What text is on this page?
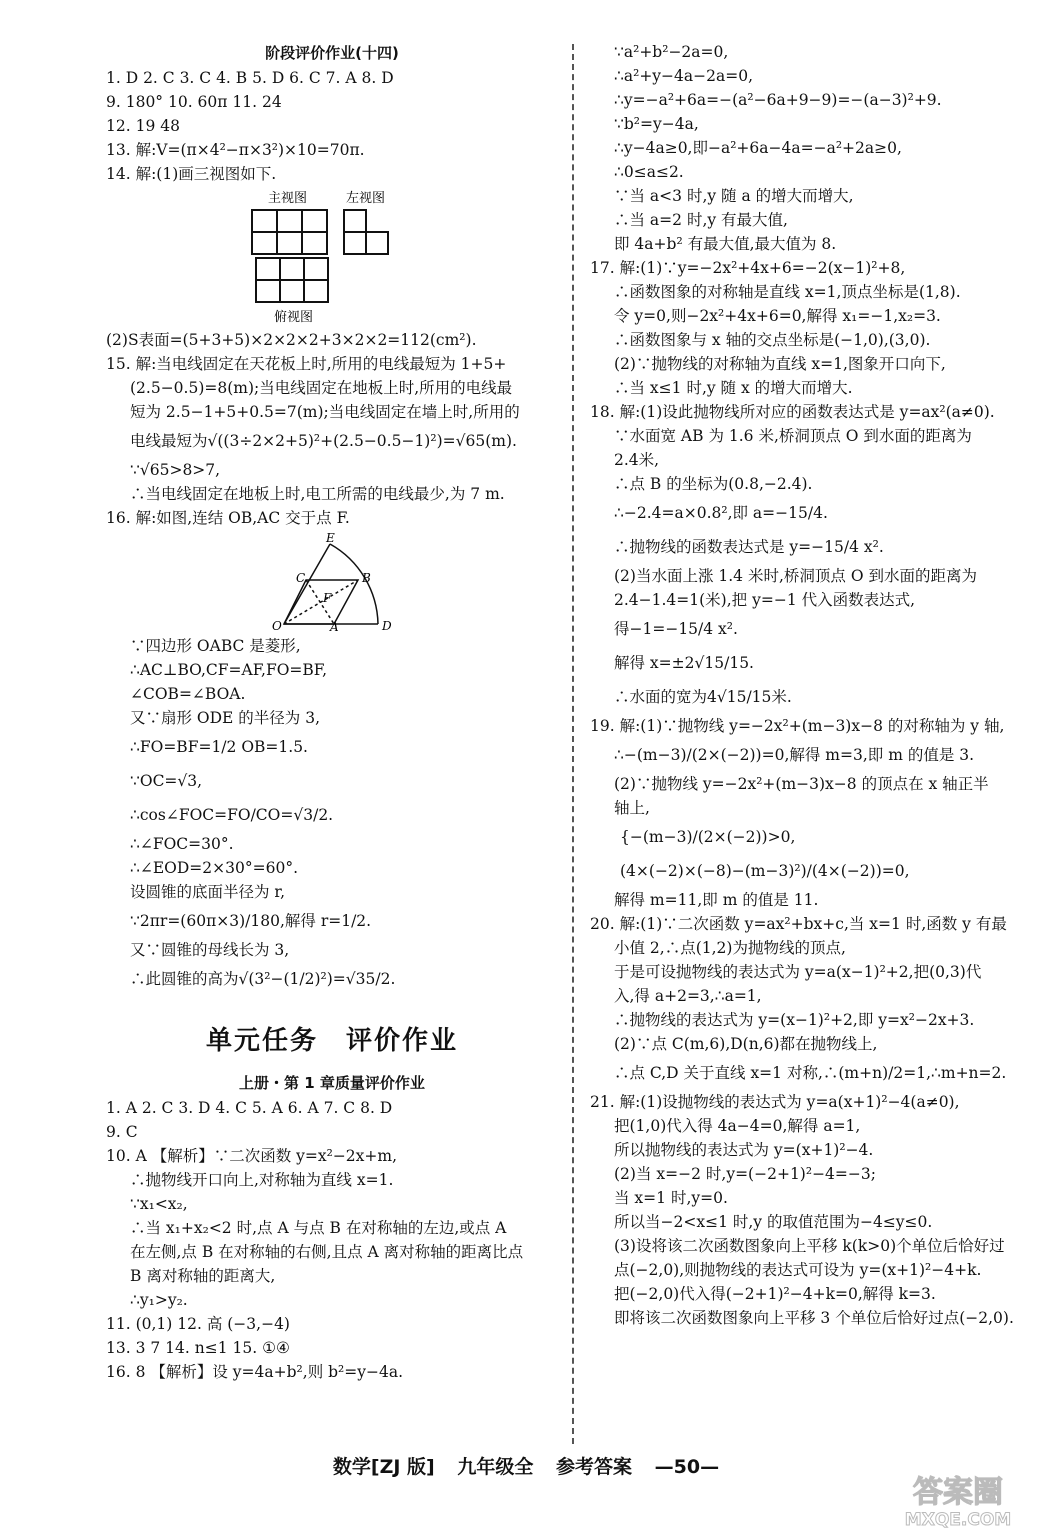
阶段评价作业(十四)
1. D 2. C 3. C 4. B 5. D 6. C 7. A 8. D
9. 180° 10. 60π 11. 24
12. 19 48
13. 解:V=(π×4²−π×3²)×10=70π.
14. 解:(1)画三视图如下.
主视图	左视图
俯视图
(2)S表面=(5+3+5)×2×2×2+3×2×2=112(cm²).
15. 解:当电线固定在天花板上时,所用的电线最短为 1+5+
(2.5−0.5)=8(m);当电线固定在地板上时,所用的电线最
短为 2.5−1+5+0.5=7(m);当电线固定在墙上时,所用的
电线最短为√((3÷2×2+5)²+(2.5−0.5−1)²)=√65(m).
∵√65>8>7,
∴当电线固定在地板上时,电工所需的电线最少,为 7 m.
16. 解:如图,连结 OB,AC 交于点 F.
E
C	B
F
O	A	D
∵四边形 OABC 是菱形,
∴AC⊥BO,CF=AF,FO=BF,
∠COB=∠BOA.
又∵扇形 ODE 的半径为 3,
∴FO=BF=1/2 OB=1.5.
∵OC=√3,
∴cos∠FOC=FO/CO=√3/2.
∴∠FOC=30°.
∴∠EOD=2×30°=60°.
设圆锥的底面半径为 r,
∵2πr=(60π×3)/180,解得 r=1/2.
又∵圆锥的母线长为 3,
∴此圆锥的高为√(3²−(1/2)²)=√35/2.
单元任务　评价作业
上册・第 1 章质量评价作业
1. A 2. C 3. D 4. C 5. A 6. A 7. C 8. D
9. C
10. A 【解析】∵二次函数 y=x²−2x+m,
∴抛物线开口向上,对称轴为直线 x=1.
∵x₁<x₂,
∴当 x₁+x₂<2 时,点 A 与点 B 在对称轴的左边,或点 A
在左侧,点 B 在对称轴的右侧,且点 A 离对称轴的距离比点
B 离对称轴的距离大,
∴y₁>y₂.
11. (0,1) 12. 高 (−3,−4)
13. 3 7 14. n≤1 15. ①④
16. 8 【解析】设 y=4a+b²,则 b²=y−4a.
∵a²+b²−2a=0,
∴a²+y−4a−2a=0,
∴y=−a²+6a=−(a²−6a+9−9)=−(a−3)²+9.
∵b²=y−4a,
∴y−4a≥0,即−a²+6a−4a=−a²+2a≥0,
∴0≤a≤2.
∵当 a<3 时,y 随 a 的增大而增大,
∴当 a=2 时,y 有最大值,
即 4a+b² 有最大值,最大值为 8.
17. 解:(1)∵y=−2x²+4x+6=−2(x−1)²+8,
∴函数图象的对称轴是直线 x=1,顶点坐标是(1,8).
令 y=0,则−2x²+4x+6=0,解得 x₁=−1,x₂=3.
∴函数图象与 x 轴的交点坐标是(−1,0),(3,0).
(2)∵抛物线的对称轴为直线 x=1,图象开口向下,
∴当 x≤1 时,y 随 x 的增大而增大.
18. 解:(1)设此抛物线所对应的函数表达式是 y=ax²(a≠0).
∵水面宽 AB 为 1.6 米,桥洞顶点 O 到水面的距离为
2.4米,
∴点 B 的坐标为(0.8,−2.4).
∴−2.4=a×0.8²,即 a=−15/4.
∴抛物线的函数表达式是 y=−15/4 x².
(2)当水面上涨 1.4 米时,桥洞顶点 O 到水面的距离为
2.4−1.4=1(米),把 y=−1 代入函数表达式,
得−1=−15/4 x².
解得 x=±2√15/15.
∴水面的宽为4√15/15米.
19. 解:(1)∵抛物线 y=−2x²+(m−3)x−8 的对称轴为 y 轴,
∴−(m−3)/(2×(−2))=0,解得 m=3,即 m 的值是 3.
(2)∵抛物线 y=−2x²+(m−3)x−8 的顶点在 x 轴正半
轴上,
{−(m−3)/(2×(−2))>0,
(4×(−2)×(−8)−(m−3)²)/(4×(−2))=0,
解得 m=11,即 m 的值是 11.
20. 解:(1)∵二次函数 y=ax²+bx+c,当 x=1 时,函数 y 有最
小值 2,∴点(1,2)为抛物线的顶点,
于是可设抛物线的表达式为 y=a(x−1)²+2,把(0,3)代
入,得 a+2=3,∴a=1,
∴抛物线的表达式为 y=(x−1)²+2,即 y=x²−2x+3.
(2)∵点 C(m,6),D(n,6)都在抛物线上,
∴点 C,D 关于直线 x=1 对称,∴(m+n)/2=1,∴m+n=2.
21. 解:(1)设抛物线的表达式为 y=a(x+1)²−4(a≠0),
把(1,0)代入得 4a−4=0,解得 a=1,
所以抛物线的表达式为 y=(x+1)²−4.
(2)当 x=−2 时,y=(−2+1)²−4=−3;
当 x=1 时,y=0.
所以当−2<x≤1 时,y 的取值范围为−4≤y≤0.
(3)设将该二次函数图象向上平移 k(k>0)个单位后恰好过
点(−2,0),则抛物线的表达式可设为 y=(x+1)²−4+k.
把(−2,0)代入得(−2+1)²−4+k=0,解得 k=3.
即将该二次函数图象向上平移 3 个单位后恰好过点(−2,0).
数学[ZJ 版] 九年级全 参考答案 —50—
答案圈
MXQE.COM
